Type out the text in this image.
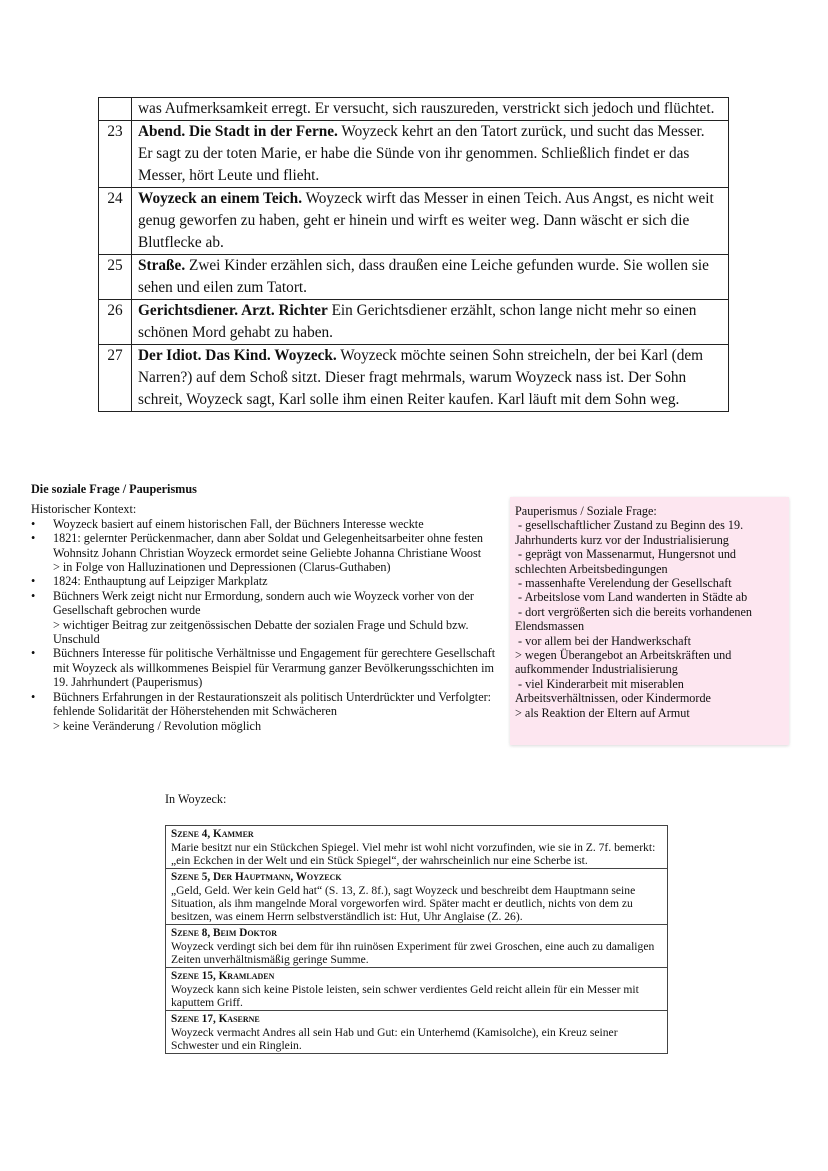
	was Aufmerksamkeit erregt. Er versucht, sich rauszureden, verstrickt sich jedoch und flüchtet.
23	Abend. Die Stadt in der Ferne. Woyzeck kehrt an den Tatort zurück, und sucht das Messer. Er sagt zu der toten Marie, er habe die Sünde von ihr genommen. Schließlich findet er das Messer, hört Leute und flieht.
24	Woyzeck an einem Teich. Woyzeck wirft das Messer in einen Teich. Aus Angst, es nicht weit genug geworfen zu haben, geht er hinein und wirft es weiter weg. Dann wäscht er sich die Blutflecke ab.
25	Straße. Zwei Kinder erzählen sich, dass draußen eine Leiche gefunden wurde. Sie wollen sie sehen und eilen zum Tatort.
26	Gerichtsdiener. Arzt. Richter Ein Gerichtsdiener erzählt, schon lange nicht mehr so einen schönen Mord gehabt zu haben.
27	Der Idiot. Das Kind. Woyzeck. Woyzeck möchte seinen Sohn streicheln, der bei Karl (dem Narren?) auf dem Schoß sitzt. Dieser fragt mehrmals, warum Woyzeck nass ist. Der Sohn schreit, Woyzeck sagt, Karl solle ihm einen Reiter kaufen. Karl läuft mit dem Sohn weg.
Die soziale Frage / Pauperismus
Historischer Kontext:
• Woyzeck basiert auf einem historischen Fall, der Büchners Interesse weckte
• 1821: gelernter Perückenmacher, dann aber Soldat und Gelegenheitsarbeiter ohne festen Wohnsitz Johann Christian Woyzeck ermordet seine Geliebte Johanna Christiane Woost
> in Folge von Halluzinationen und Depressionen (Clarus-Guthaben)
• 1824: Enthauptung auf Leipziger Markplatz
• Büchners Werk zeigt nicht nur Ermordung, sondern auch wie Woyzeck vorher von der Gesellschaft gebrochen wurde
> wichtiger Beitrag zur zeitgenössischen Debatte der sozialen Frage und Schuld bzw. Unschuld
• Büchners Interesse für politische Verhältnisse und Engagement für gerechtere Gesellschaft mit Woyzeck als willkommenes Beispiel für Verarmung ganzer Bevölkerungsschichten im 19. Jahrhundert (Pauperismus)
• Büchners Erfahrungen in der Restaurationszeit als politisch Unterdrückter und Verfolgter: fehlende Solidarität der Höherstehenden mit Schwächeren
> keine Veränderung / Revolution möglich
Pauperismus / Soziale Frage:
- gesellschaftlicher Zustand zu Beginn des 19. Jahrhunderts kurz vor der Industrialisierung
- geprägt von Massenarmut, Hungersnot und schlechten Arbeitsbedingungen
- massenhafte Verelendung der Gesellschaft
- Arbeitslose vom Land wanderten in Städte ab
- dort vergrößerten sich die bereits vorhandenen Elendsmassen
- vor allem bei der Handwerkschaft
> wegen Überangebot an Arbeitskräften und aufkommender Industrialisierung
- viel Kinderarbeit mit miserablen Arbeitsverhältnissen, oder Kindermorde
> als Reaktion der Eltern auf Armut
In Woyzeck:
Szene 4, Kammer

Marie besitzt nur ein Stückchen Spiegel. Viel mehr ist wohl nicht vorzufinden, wie sie in Z. 7f. bemerkt: „ein Eckchen in der Welt und ein Stück Spiegel“, der wahrscheinlich nur eine Scherbe ist.

Szene 5, Der Hauptmann, Woyzeck

„Geld, Geld. Wer kein Geld hat“ (S. 13, Z. 8f.), sagt Woyzeck und beschreibt dem Hauptmann seine Situation, als ihm mangelnde Moral vorgeworfen wird. Später macht er deutlich, nichts von dem zu besitzen, was einem Herrn selbstverständlich ist: Hut, Uhr Anglaise (Z. 26).

Szene 8, Beim Doktor

Woyzeck verdingt sich bei dem für ihn ruinösen Experiment für zwei Groschen, eine auch zu damaligen Zeiten unverhältnismäßig geringe Summe.

Szene 15, Kramladen

Woyzeck kann sich keine Pistole leisten, sein schwer verdientes Geld reicht allein für ein Messer mit kaputtem Griff.

Szene 17, Kaserne

Woyzeck vermacht Andres all sein Hab und Gut: ein Unterhemd (Kamisolche), ein Kreuz seiner Schwester und ein Ringlein.
